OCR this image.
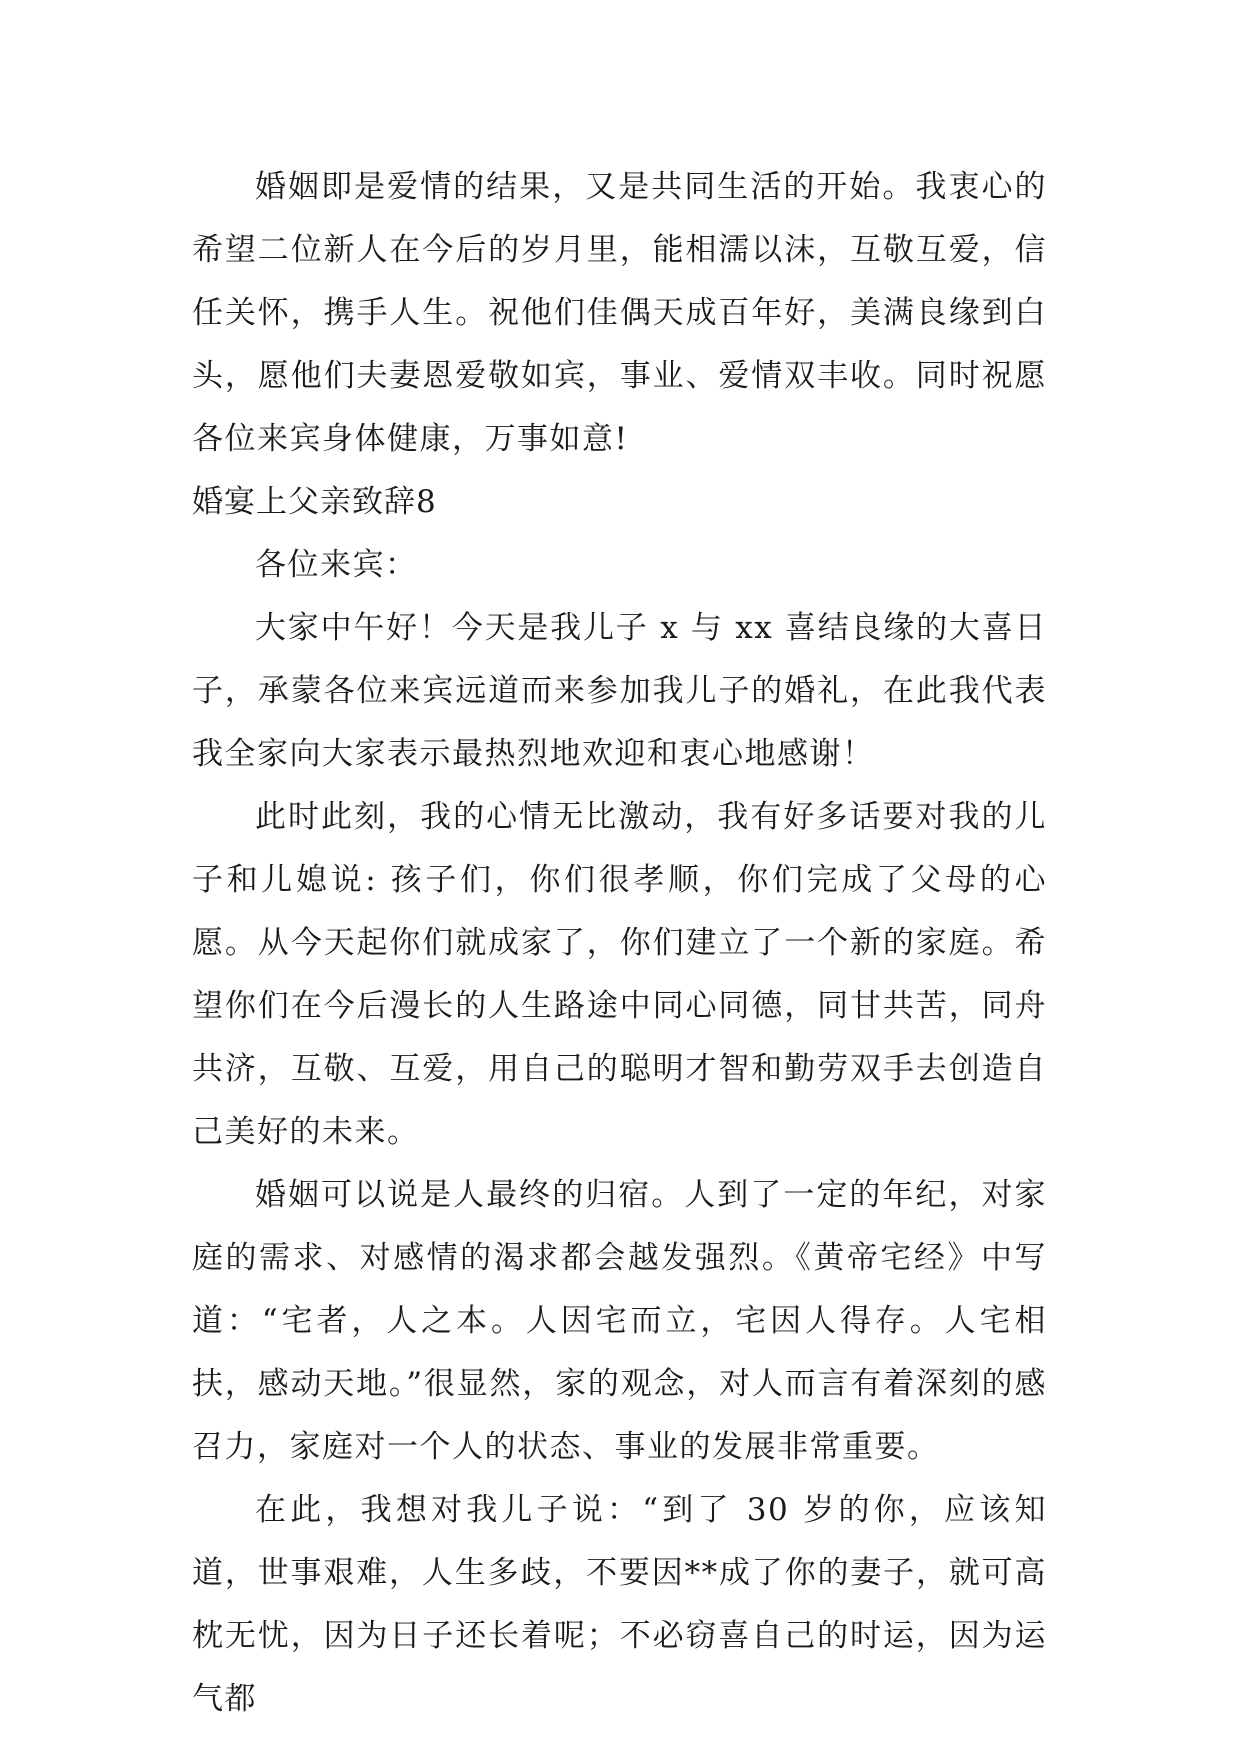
婚姻即是爱情的结果，又是共同生活的开始。我衷心的希望二位新人在今后的岁月里，能相濡以沫，互敬互爱，信任关怀，携手人生。祝他们佳偶天成百年好，美满良缘到白头，愿他们夫妻恩爱敬如宾，事业、爱情双丰收。同时祝愿各位来宾身体健康，万事如意!

婚宴上父亲致辞8

各位来宾：

大家中午好！今天是我儿子 x 与 xx 喜结良缘的大喜日子，承蒙各位来宾远道而来参加我儿子的婚礼，在此我代表我全家向大家表示最热烈地欢迎和衷心地感谢！

此时此刻，我的心情无比激动，我有好多话要对我的儿子和儿媳说: 孩子们，你们很孝顺，你们完成了父母的心愿。从今天起你们就成家了，你们建立了一个新的家庭。希望你们在今后漫长的人生路途中同心同德，同甘共苦，同舟共济，互敬、互爱，用自己的聪明才智和勤劳双手去创造自己美好的未来。

婚姻可以说是人最终的归宿。人到了一定的年纪，对家庭的需求、对感情的渴求都会越发强烈。《黄帝宅经》中写道：“宅者，人之本。人因宅而立，宅因人得存。人宅相扶，感动天地。”很显然，家的观念，对人而言有着深刻的感召力，家庭对一个人的状态、事业的发展非常重要。

在此，我想对我儿子说：“到了 30 岁的你，应该知道，世事艰难，人生多歧，不要因**成了你的妻子，就可高枕无忧，因为日子还长着呢；不必窃喜自己的时运，因为运气都
